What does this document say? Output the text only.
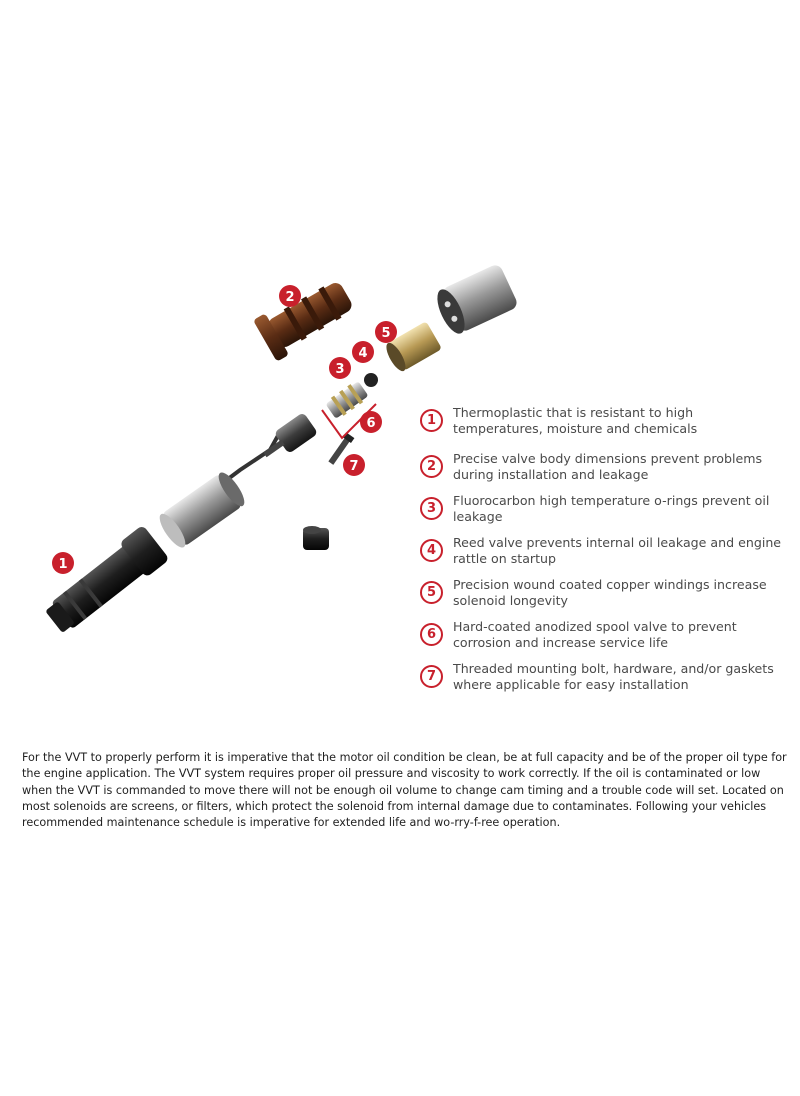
1
2
3
4
5
6
7
1
Thermoplastic that is resistant to high temperatures, moisture and chemicals
2
Precise valve body dimensions prevent problems during installation and leakage
3
Fluorocarbon high temperature o-rings prevent oil leakage
4
Reed valve prevents internal oil leakage and engine rattle on startup
5
Precision wound coated copper windings increase solenoid longevity
6
Hard-coated anodized spool valve to prevent corrosion and increase service life
7
Threaded mounting bolt, hardware, and/or gaskets where applicable for easy installation
For the VVT to properly perform it is imperative that the motor oil condition be clean, be at full capacity and be of the proper oil type for the engine application. The VVT system requires proper oil pressure and viscosity to work correctly. If the oil is contaminated or low when the VVT is commanded to move there will not be enough oil volume to change cam timing and a trouble code will set. Located on most solenoids are screens, or filters, which protect the solenoid from internal damage due to contaminates. Following your vehicles recommended maintenance schedule is imperative for extended life and wo-rry-f-ree operation.
